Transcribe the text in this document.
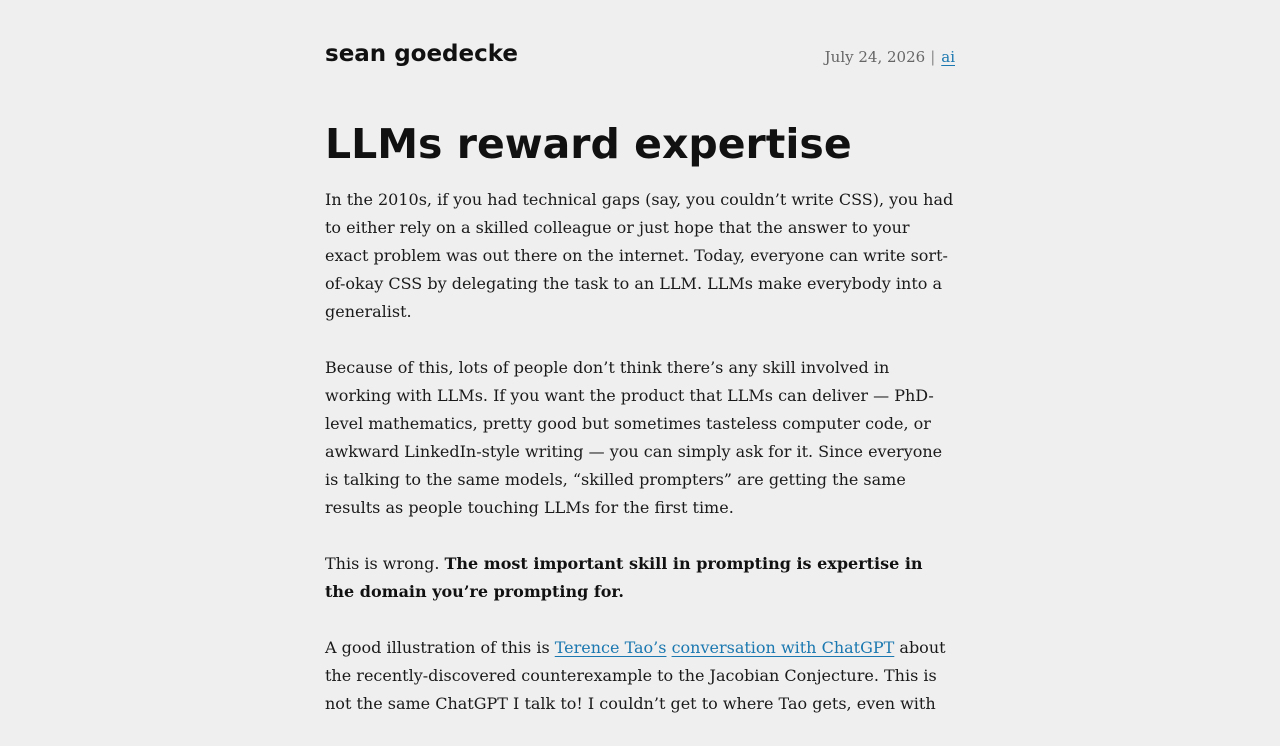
sean goedecke	July 24, 2026 | ai
LLMs reward expertise

In the 2010s, if you had technical gaps (say, you couldn’t write CSS), you had to either rely on a skilled colleague or just hope that the answer to your exact problem was out there on the internet. Today, everyone can write sort-of-okay CSS by delegating the task to an LLM. LLMs make everybody into a generalist.

Because of this, lots of people don’t think there’s any skill involved in working with LLMs. If you want the product that LLMs can deliver — PhD-level mathematics, pretty good but sometimes tasteless computer code, or awkward LinkedIn-style writing — you can simply ask for it. Since everyone is talking to the same models, “skilled prompters” are getting the same results as people touching LLMs for the first time.

This is wrong. The most important skill in prompting is expertise in the domain you’re prompting for.

A good illustration of this is Terence Tao’s conversation with ChatGPT about the recently-discovered counterexample to the Jacobian Conjecture. This is not the same ChatGPT I talk to! I couldn’t get to where Tao gets, even with
